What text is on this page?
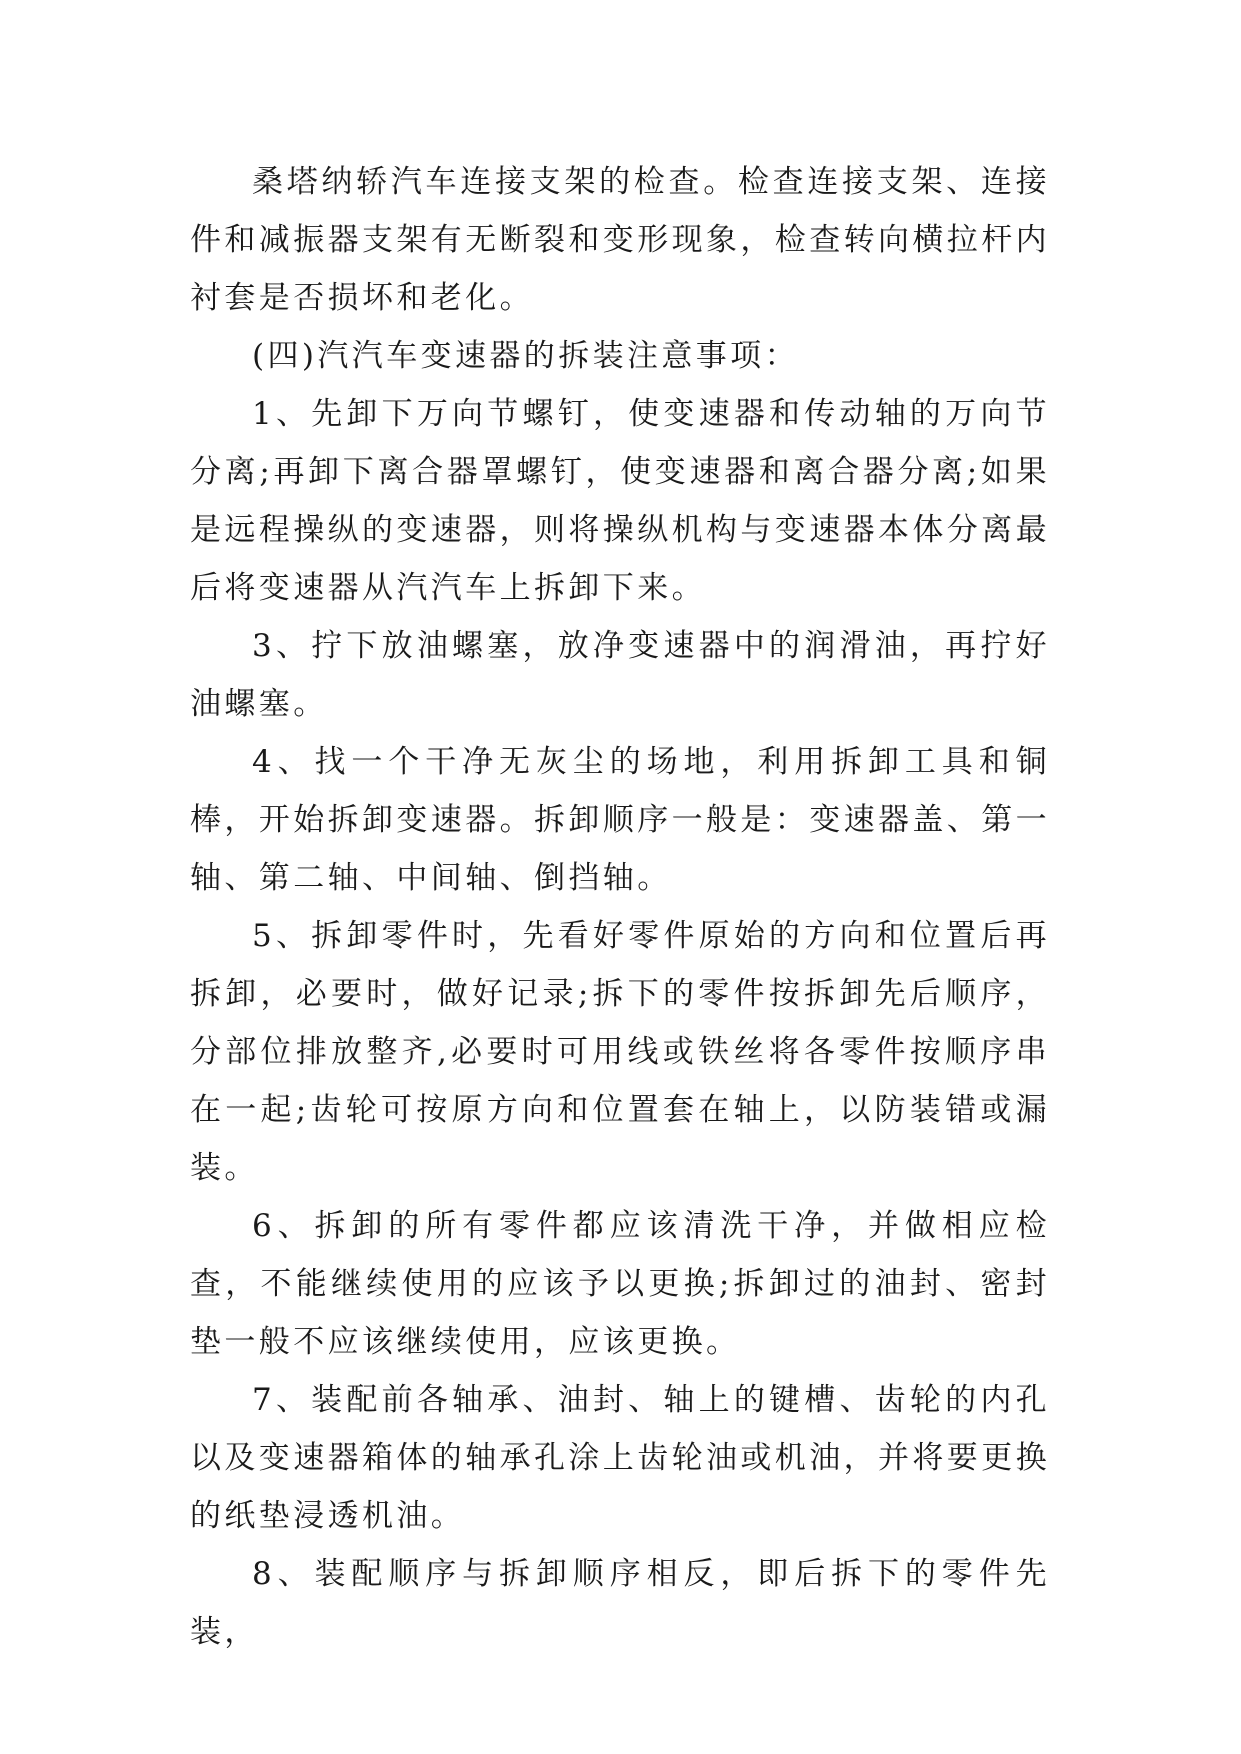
桑塔纳轿汽车连接支架的检查。检查连接支架、连接件和减振器支架有无断裂和变形现象，检查转向横拉杆内衬套是否损坏和老化。

(四)汽汽车变速器的拆装注意事项：

1、先卸下万向节螺钉，使变速器和传动轴的万向节分离;再卸下离合器罩螺钉，使变速器和离合器分离;如果是远程操纵的变速器，则将操纵机构与变速器本体分离最后将变速器从汽汽车上拆卸下来。

3、拧下放油螺塞，放净变速器中的润滑油，再拧好油螺塞。

4、找一个干净无灰尘的场地，利用拆卸工具和铜棒，开始拆卸变速器。拆卸顺序一般是：变速器盖、第一轴、第二轴、中间轴、倒挡轴。

5、拆卸零件时，先看好零件原始的方向和位置后再拆卸，必要时，做好记录;拆下的零件按拆卸先后顺序，分部位排放整齐,必要时可用线或铁丝将各零件按顺序串在一起;齿轮可按原方向和位置套在轴上，以防装错或漏装。

6、拆卸的所有零件都应该清洗干净，并做相应检查，不能继续使用的应该予以更换;拆卸过的油封、密封垫一般不应该继续使用，应该更换。

7、装配前各轴承、油封、轴上的键槽、齿轮的内孔以及变速器箱体的轴承孔涂上齿轮油或机油，并将要更换的纸垫浸透机油。

8、装配顺序与拆卸顺序相反，即后拆下的零件先装，
